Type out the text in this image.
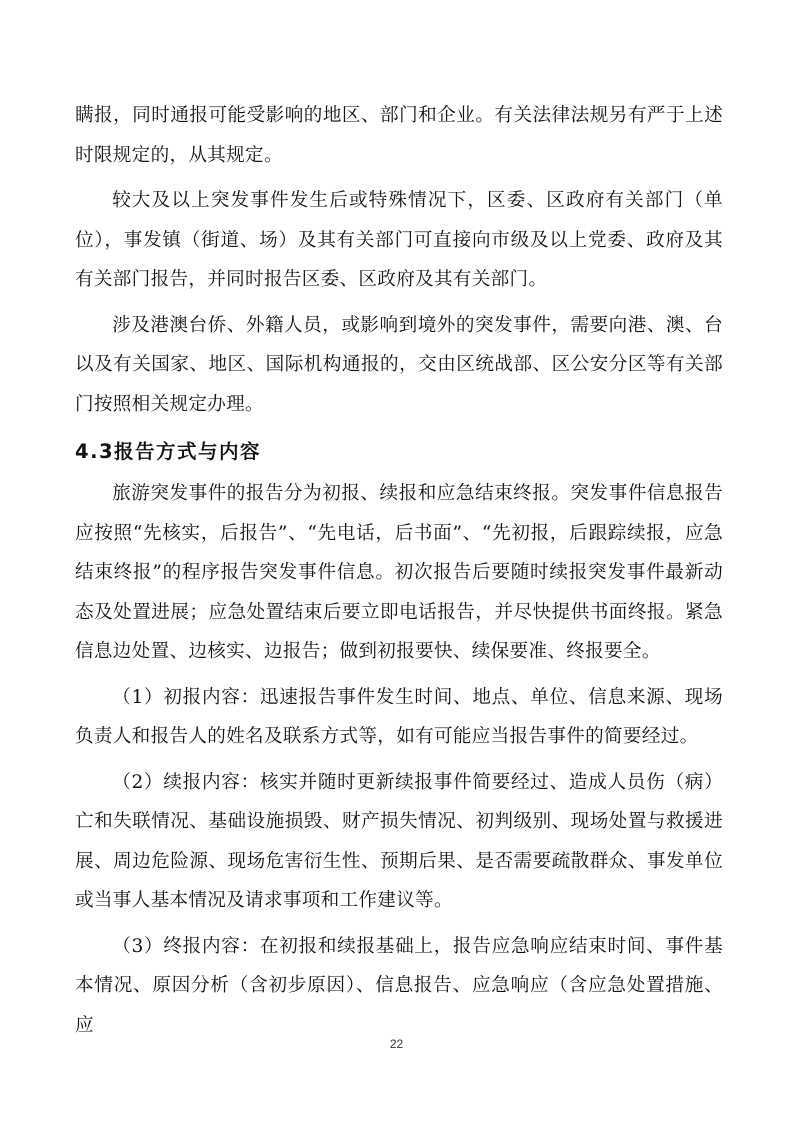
瞒报，同时通报可能受影响的地区、部门和企业。有关法律法规另有严于上述时限规定的，从其规定。

较大及以上突发事件发生后或特殊情况下，区委、区政府有关部门（单位），事发镇（街道、场）及其有关部门可直接向市级及以上党委、政府及其有关部门报告，并同时报告区委、区政府及其有关部门。

涉及港澳台侨、外籍人员，或影响到境外的突发事件，需要向港、澳、台以及有关国家、地区、国际机构通报的，交由区统战部、区公安分区等有关部门按照相关规定办理。

4.3报告方式与内容

旅游突发事件的报告分为初报、续报和应急结束终报。突发事件信息报告应按照“先核实，后报告”、“先电话，后书面”、“先初报，后跟踪续报，应急结束终报”的程序报告突发事件信息。初次报告后要随时续报突发事件最新动态及处置进展；应急处置结束后要立即电话报告，并尽快提供书面终报。紧急信息边处置、边核实、边报告；做到初报要快、续保要准、终报要全。

（1）初报内容：迅速报告事件发生时间、地点、单位、信息来源、现场负责人和报告人的姓名及联系方式等，如有可能应当报告事件的简要经过。

（2）续报内容：核实并随时更新续报事件简要经过、造成人员伤（病）亡和失联情况、基础设施损毁、财产损失情况、初判级别、现场处置与救援进展、周边危险源、现场危害衍生性、预期后果、是否需要疏散群众、事发单位或当事人基本情况及请求事项和工作建议等。

（3）终报内容：在初报和续报基础上，报告应急响应结束时间、事件基本情况、原因分析（含初步原因）、信息报告、应急响应（含应急处置措施、应

22
